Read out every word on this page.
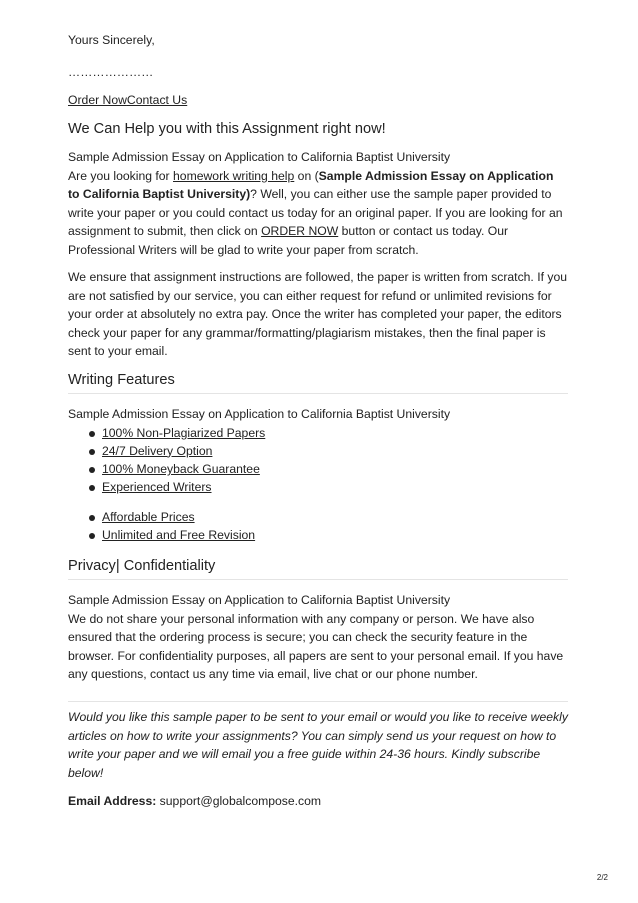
Yours Sincerely,
…………………
Order NowContact Us
We Can Help you with this Assignment right now!
Sample Admission Essay on Application to California Baptist University
Are you looking for homework writing help on (Sample Admission Essay on Application to California Baptist University)? Well, you can either use the sample paper provided to write your paper or you could contact us today for an original paper. If you are looking for an assignment to submit, then click on ORDER NOW button or contact us today. Our Professional Writers will be glad to write your paper from scratch.
We ensure that assignment instructions are followed, the paper is written from scratch. If you are not satisfied by our service, you can either request for refund or unlimited revisions for your order at absolutely no extra pay. Once the writer has completed your paper, the editors check your paper for any grammar/formatting/plagiarism mistakes, then the final paper is sent to your email.
Writing Features
Sample Admission Essay on Application to California Baptist University
100% Non-Plagiarized Papers
24/7 Delivery Option
100% Moneyback Guarantee
Experienced Writers
Affordable Prices
Unlimited and Free Revision
Privacy| Confidentiality
Sample Admission Essay on Application to California Baptist University
We do not share your personal information with any company or person. We have also ensured that the ordering process is secure; you can check the security feature in the browser. For confidentiality purposes, all papers are sent to your personal email. If you have any questions, contact us any time via email, live chat or our phone number.
Would you like this sample paper to be sent to your email or would you like to receive weekly articles on how to write your assignments? You can simply send us your request on how to write your paper and we will email you a free guide within 24-36 hours. Kindly subscribe below!
Email Address: support@globalcompose.com
2/2
